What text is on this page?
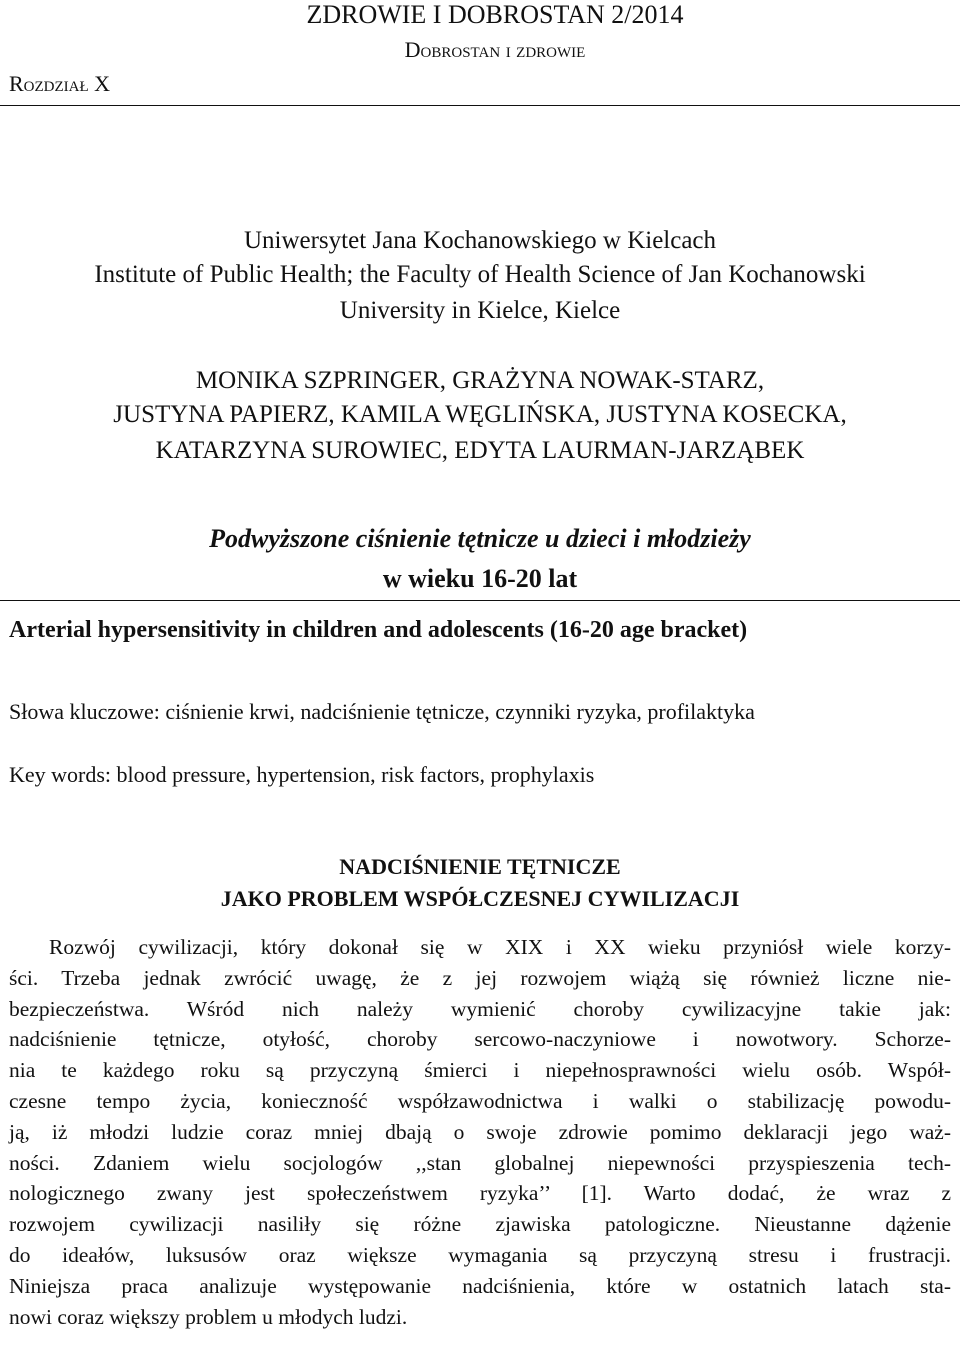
ZDROWIE I DOBROSTAN 2/2014
Dobrostan i zdrowie
Rozdział X
Uniwersytet Jana Kochanowskiego w Kielcach
Institute of Public Health; the Faculty of Health Science of Jan Kochanowski
University in Kielce, Kielce
MONIKA SZPRINGER, GRAŻYNA NOWAK-STARZ,
JUSTYNA PAPIERZ, KAMILA WĘGLIŃSKA, JUSTYNA KOSECKA,
KATARZYNA SUROWIEC, EDYTA LAURMAN-JARZĄBEK
Podwyższone ciśnienie tętnicze u dzieci i młodzieży
w wieku 16-20 lat
Arterial hypersensitivity in children and adolescents (16-20 age bracket)
Słowa kluczowe: ciśnienie krwi, nadciśnienie tętnicze, czynniki ryzyka, profilaktyka
Key words: blood pressure, hypertension, risk factors, prophylaxis
NADCIŚNIENIE TĘTNICZE
JAKO PROBLEM WSPÓŁCZESNEJ CYWILIZACJI
Rozwój cywilizacji, który dokonał się w XIX i XX wieku przyniósł wiele korzy-
ści. Trzeba jednak zwrócić uwagę, że z jej rozwojem wiążą się również liczne nie-
bezpieczeństwa. Wśród nich należy wymienić choroby cywilizacyjne takie jak:
nadciśnienie tętnicze, otyłość, choroby sercowo-naczyniowe i nowotwory. Schorze-
nia te każdego roku są przyczyną śmierci i niepełnosprawności wielu osób. Współ-
czesne tempo życia, konieczność współzawodnictwa i walki o stabilizację powodu-
ją, iż młodzi ludzie coraz mniej dbają o swoje zdrowie pomimo deklaracji jego waż-
ności. Zdaniem wielu socjologów ,,stan globalnej niepewności przyspieszenia tech-
nologicznego zwany jest społeczeństwem ryzyka’’ [1]. Warto dodać, że wraz z
rozwojem cywilizacji nasiliły się różne zjawiska patologiczne. Nieustanne dążenie
do ideałów, luksusów oraz większe wymagania są przyczyną stresu i frustracji.
Niniejsza praca analizuje występowanie nadciśnienia, które w ostatnich latach sta-
nowi coraz większy problem u młodych ludzi.
